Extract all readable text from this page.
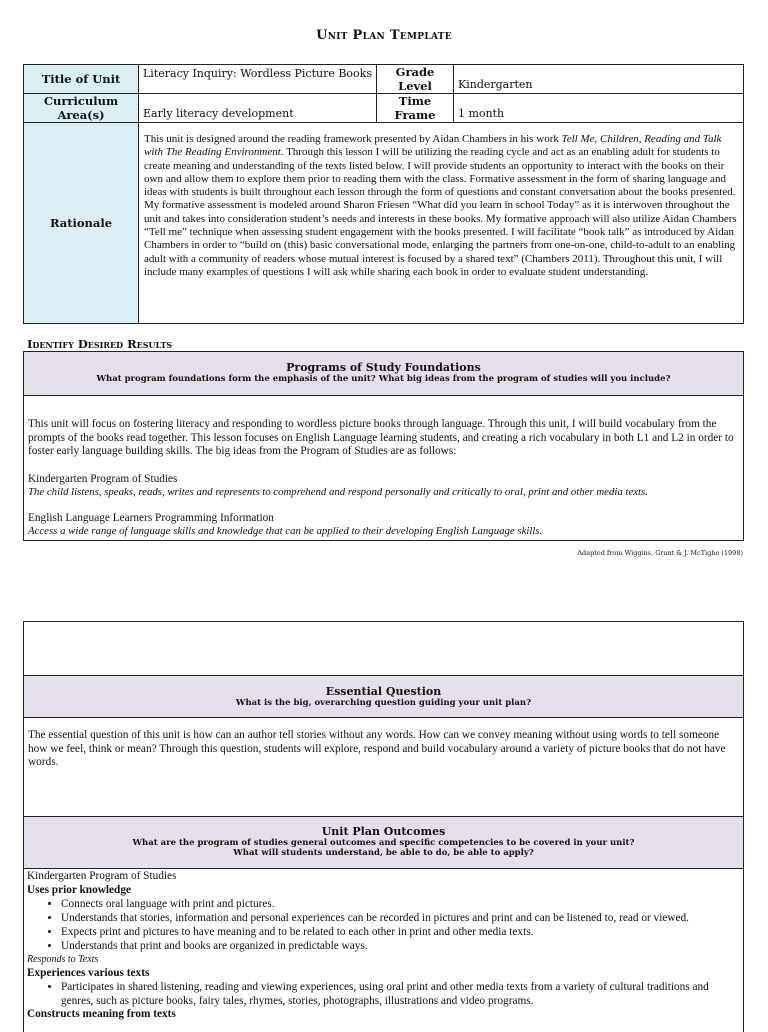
Unit Plan Template
Title of Unit	Literacy Inquiry: Wordless Picture Books	Grade Level	Kindergarten
Curriculum Area(s)	Early literacy development	Time Frame	1 month
Rationale	This unit is designed around the reading framework presented by Aidan Chambers in his work Tell Me, Children, Reading and Talk with The Reading Environment. Through this lesson I will be utilizing the reading cycle and act as an enabling adult for students to create meaning and understanding of the texts listed below. I will provide students an opportunity to interact with the books on their own and allow them to explore them prior to reading them with the class. Formative assessment in the form of sharing language and ideas with students is built throughout each lesson through the form of questions and constant conversation about the books presented. My formative assessment is modeled around Sharon Friesen “What did you learn in school Today” as it is interwoven throughout the unit and takes into consideration student’s needs and interests in these books. My formative approach will also utilize Aidan Chambers “Tell me” technique when assessing student engagement with the books presented. I will facilitate “book talk” as introduced by Aidan Chambers in order to “build on (this) basic conversational mode, enlarging the partners from one-on-one, child-to-adult to an enabling adult with a community of readers whose mutual interest is focused by a shared text” (Chambers 2011). Throughout this unit, I will include many examples of questions I will ask while sharing each book in order to evaluate student understanding.		
Identify Desired Results
Programs of Study Foundations
What program foundations form the emphasis of the unit? What big ideas from the program of studies will you include?
This unit will focus on fostering literacy and responding to wordless picture books through language. Through this unit, I will build vocabulary from the prompts of the books read together. This lesson focuses on English Language learning students, and creating a rich vocabulary in both L1 and L2 in order to foster early language building skills. The big ideas from the Program of Studies are as follows:
Kindergarten Program of Studies
The child listens, speaks, reads, writes and represents to comprehend and respond personally and critically to oral, print and other media texts.
English Language Learners Programming Information
Access a wide range of language skills and knowledge that can be applied to their developing English Language skills.
Adapted from Wiggins, Grant & J. McTighe (1998)
Essential Question
What is the big, overarching question guiding your unit plan?
The essential question of this unit is how can an author tell stories without any words. How can we convey meaning without using words to tell someone how we feel, think or mean? Through this question, students will explore, respond and build vocabulary around a variety of picture books that do not have words.
Unit Plan Outcomes
What are the program of studies general outcomes and specific competencies to be covered in your unit?
What will students understand, be able to do, be able to apply?
Kindergarten Program of Studies
Uses prior knowledge
• Connects oral language with print and pictures.
• Understands that stories, information and personal experiences can be recorded in pictures and print and can be listened to, read or viewed.
• Expects print and pictures to have meaning and to be related to each other in print and other media texts.
• Understands that print and books are organized in predictable ways.
Responds to Texts
Experiences various texts
• Participates in shared listening, reading and viewing experiences, using oral print and other media texts from a variety of cultural traditions and genres, such as picture books, fairy tales, rhymes, stories, photographs, illustrations and video programs.
Constructs meaning from texts
